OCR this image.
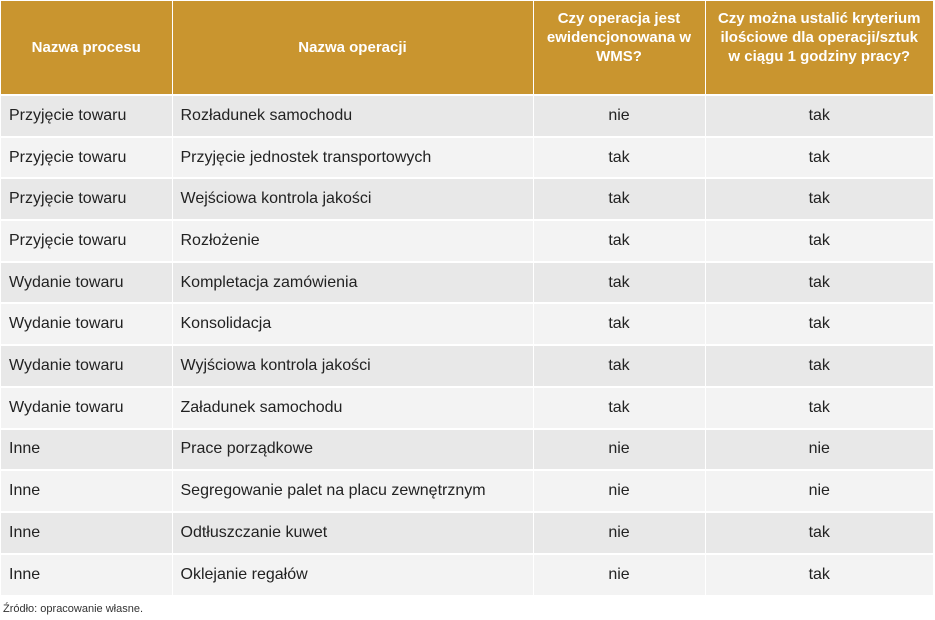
Nazwa procesu	Nazwa operacji	Czy operacja jest ewidencjonowana w WMS?	Czy można ustalić kryterium ilościowe dla operacji/sztuk w ciągu 1 godziny pracy?
Przyjęcie towaru	Rozładunek samochodu	nie	tak
Przyjęcie towaru	Przyjęcie jednostek transportowych	tak	tak
Przyjęcie towaru	Wejściowa kontrola jakości	tak	tak
Przyjęcie towaru	Rozłożenie	tak	tak
Wydanie towaru	Kompletacja zamówienia	tak	tak
Wydanie towaru	Konsolidacja	tak	tak
Wydanie towaru	Wyjściowa kontrola jakości	tak	tak
Wydanie towaru	Załadunek samochodu	tak	tak
Inne	Prace porządkowe	nie	nie
Inne	Segregowanie palet na placu zewnętrznym	nie	nie
Inne	Odtłuszczanie kuwet	nie	tak
Inne	Oklejanie regałów	nie	tak
Źródło: opracowanie własne.
